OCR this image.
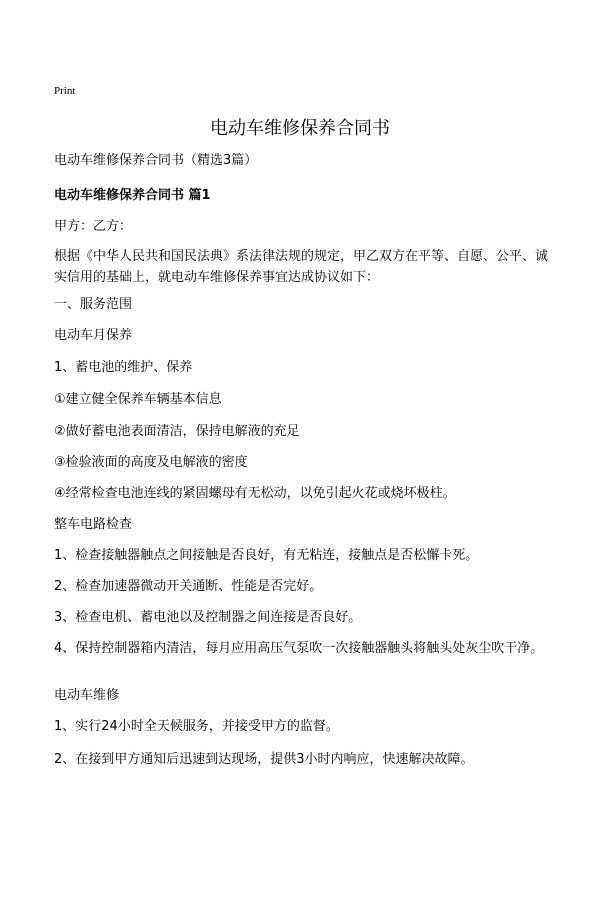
Print
电动车维修保养合同书

电动车维修保养合同书（精选3篇）

电动车维修保养合同书 篇1

甲方：乙方：

根据《中华人民共和国民法典》系法律法规的规定，甲乙双方在平等、自愿、公平、诚实信用的基础上，就电动车维修保养事宜达成协议如下：

一、服务范围

电动车月保养

1、蓄电池的维护、保养

①建立健全保养车辆基本信息

②做好蓄电池表面清洁，保持电解液的充足

③检验液面的高度及电解液的密度

④经常检查电池连线的紧固螺母有无松动，以免引起火花或烧坏极柱。

整车电路检查

1、检查接触器触点之间接触是否良好，有无粘连，接触点是否松懈卡死。

2、检查加速器微动开关通断、性能是否完好。

3、检查电机、蓄电池以及控制器之间连接是否良好。

4、保持控制器箱内清洁，每月应用高压气泵吹一次接触器触头将触头处灰尘吹干净。

电动车维修

1、实行24小时全天候服务，并接受甲方的监督。

2、在接到甲方通知后迅速到达现场，提供3小时内响应，快速解决故障。
